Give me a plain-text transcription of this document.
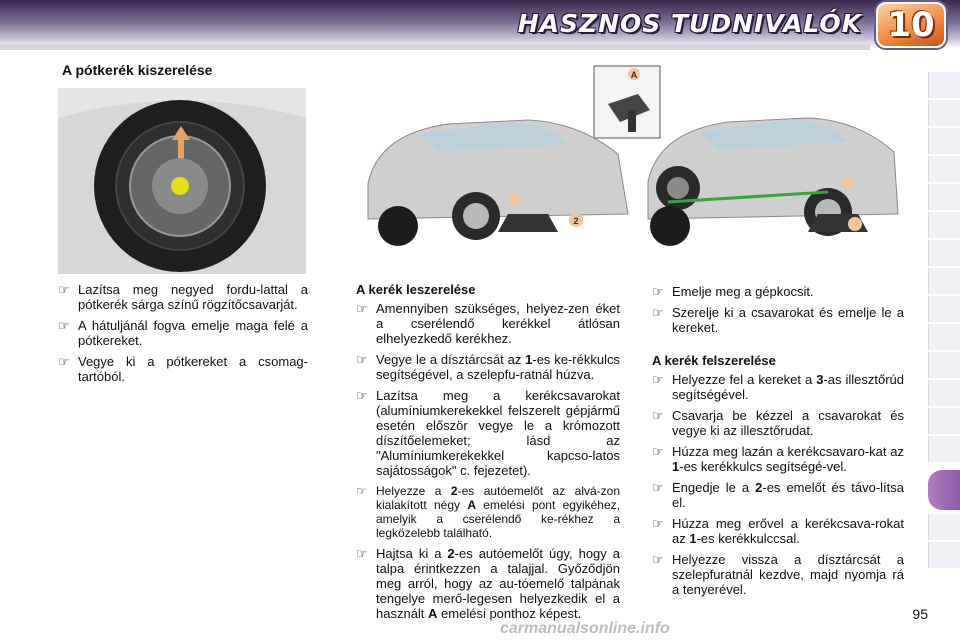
HASZNOS TUDNIVALÓK 10
A pótkerék kiszerelése	A
2
☞ Lazítsa meg negyed fordu-lattal a pótkerék sárga színű rögzítőcsavarját.
☞ A hátuljánál fogva emelje maga felé a pótkereket.
☞ Vegye ki a pótkereket a csomag-tartóból.
A kerék leszerelése
☞ Amennyiben szükséges, helyez-zen éket a cserélendő kerékkel átlósan elhelyezkedő kerékhez.
☞ Vegye le a dísztárcsát az 1-es ke-rékkulcs segítségével, a szelepfu-ratnál húzva.
☞ Lazítsa meg a kerékcsavarokat (alumíniumkerekekkel felszerelt gépjármű esetén először vegye le a krómozott díszítőelemeket; lásd az "Alumíniumkerekekkel kapcso-latos sajátosságok" c. fejezetet).
☞ Helyezze a 2-es autóemelőt az alvá-zon kialakított négy A emelési pont egyikéhez, amelyik a cserélendő ke-rékhez a legközelebb található.
☞ Hajtsa ki a 2-es autóemelőt úgy, hogy a talpa érintkezzen a talajjal. Győződjön meg arról, hogy az au-tóemelő talpának tengelye merő-legesen helyezkedik el a használt A emelési ponthoz képest.
☞ Emelje meg a gépkocsit.
☞ Szerelje ki a csavarokat és emelje le a kereket.
A kerék felszerelése
☞ Helyezze fel a kereket a 3-as illesztőrúd segítségével.
☞ Csavarja be kézzel a csavarokat és vegye ki az illesztőrudat.
☞ Húzza meg lazán a kerékcsavaro-kat az 1-es kerékkulcs segítségé-vel.
☞ Engedje le a 2-es emelőt és távo-lítsa el.
☞ Húzza meg erővel a kerékcsava-rokat az 1-es kerékkulccsal.
☞ Helyezze vissza a dísztárcsát a szelepfuratnál kezdve, majd nyomja rá a tenyerével.
95
carmanualsonline.info
